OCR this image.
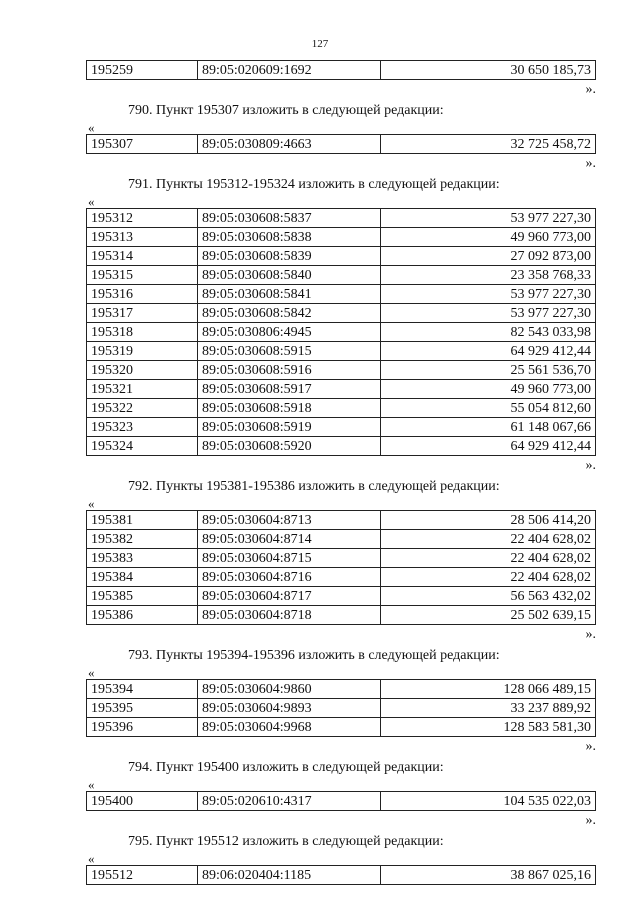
127
195259	89:05:020609:1692	30 650 185,73
».
790. Пункт 195307 изложить в следующей редакции:
«
195307	89:05:030809:4663	32 725 458,72
».
791. Пункты 195312-195324 изложить в следующей редакции:
«
195312	89:05:030608:5837	53 977 227,30
195313	89:05:030608:5838	49 960 773,00
195314	89:05:030608:5839	27 092 873,00
195315	89:05:030608:5840	23 358 768,33
195316	89:05:030608:5841	53 977 227,30
195317	89:05:030608:5842	53 977 227,30
195318	89:05:030806:4945	82 543 033,98
195319	89:05:030608:5915	64 929 412,44
195320	89:05:030608:5916	25 561 536,70
195321	89:05:030608:5917	49 960 773,00
195322	89:05:030608:5918	55 054 812,60
195323	89:05:030608:5919	61 148 067,66
195324	89:05:030608:5920	64 929 412,44
».
792. Пункты 195381-195386 изложить в следующей редакции:
«
195381	89:05:030604:8713	28 506 414,20
195382	89:05:030604:8714	22 404 628,02
195383	89:05:030604:8715	22 404 628,02
195384	89:05:030604:8716	22 404 628,02
195385	89:05:030604:8717	56 563 432,02
195386	89:05:030604:8718	25 502 639,15
».
793. Пункты 195394-195396 изложить в следующей редакции:
«
195394	89:05:030604:9860	128 066 489,15
195395	89:05:030604:9893	33 237 889,92
195396	89:05:030604:9968	128 583 581,30
».
794. Пункт 195400 изложить в следующей редакции:
«
195400	89:05:020610:4317	104 535 022,03
».
795. Пункт 195512 изложить в следующей редакции:
«
195512	89:06:020404:1185	38 867 025,16
